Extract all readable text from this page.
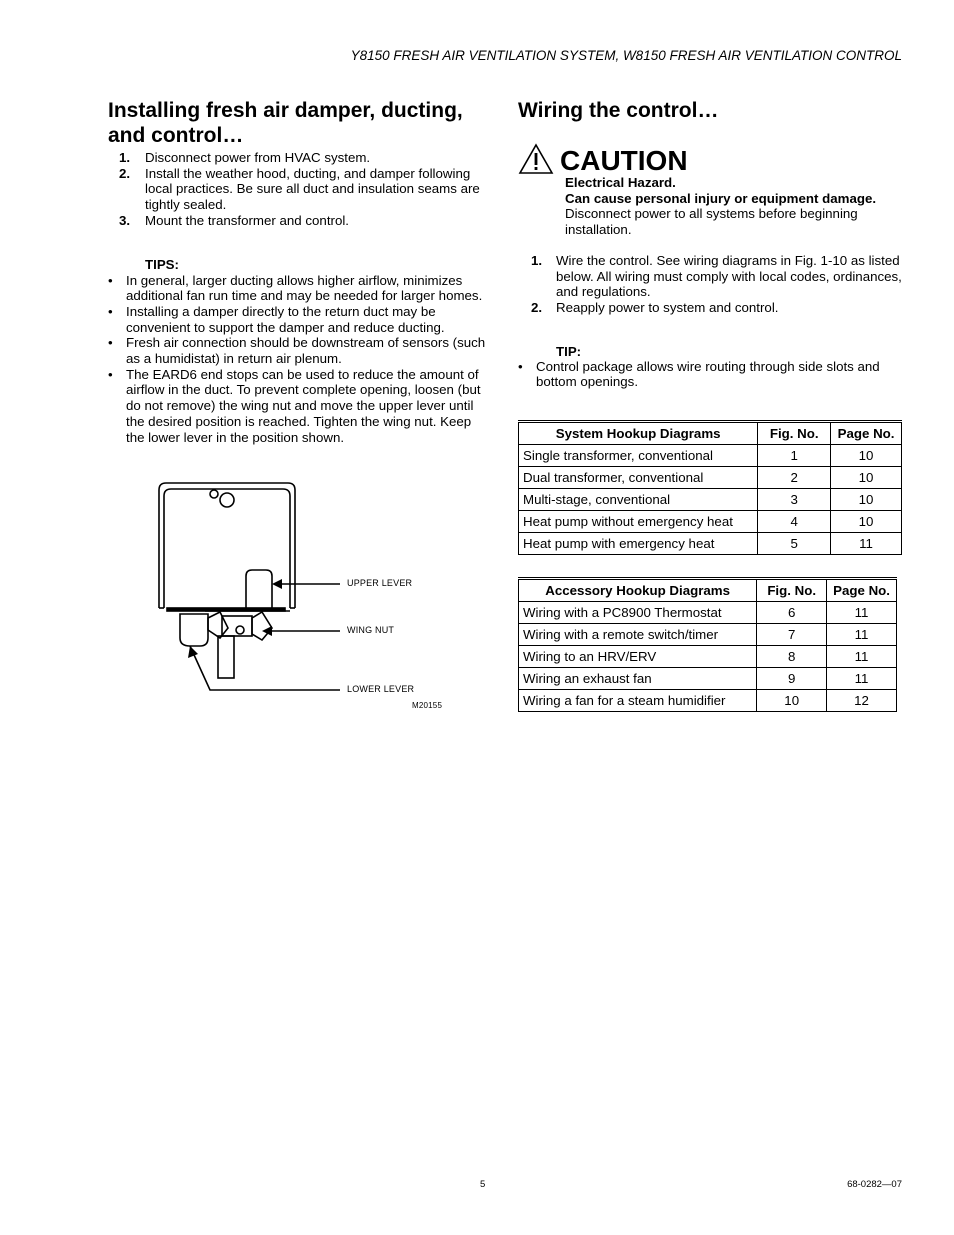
Y8150 FRESH AIR VENTILATION SYSTEM, W8150 FRESH AIR VENTILATION CONTROL
Installing fresh air damper, ducting, and control…
1. Disconnect power from HVAC system.
2. Install the weather hood, ducting, and damper following local practices. Be sure all duct and insulation seams are tightly sealed.
3. Mount the transformer and control.
TIPS:
• In general, larger ducting allows higher airflow, minimizes additional fan run time and may be needed for larger homes.
• Installing a damper directly to the return duct may be convenient to support the damper and reduce ducting.
• Fresh air connection should be downstream of sensors (such as a humidistat) in return air plenum.
• The EARD6 end stops can be used to reduce the amount of airflow in the duct. To prevent complete opening, loosen (but do not remove) the wing nut and move the upper lever until the desired position is reached. Tighten the wing nut. Keep the lower lever in the position shown.
UPPER LEVER
WING NUT
LOWER LEVER
M20155
Wiring the control…
CAUTION
Electrical Hazard.
Can cause personal injury or equipment damage.
Disconnect power to all systems before beginning installation.
1. Wire the control. See wiring diagrams in Fig. 1-10 as listed below. All wiring must comply with local codes, ordinances, and regulations.
2. Reapply power to system and control.
TIP:
• Control package allows wire routing through side slots and bottom openings.
System Hookup Diagrams	Fig. No.	Page No.
Single transformer, conventional	1	10
Dual transformer, conventional	2	10
Multi-stage, conventional	3	10
Heat pump without emergency heat	4	10
Heat pump with emergency heat	5	11
Accessory Hookup Diagrams	Fig. No.	Page No.
Wiring with a PC8900 Thermostat	6	11
Wiring with a remote switch/timer	7	11
Wiring to an HRV/ERV	8	11
Wiring an exhaust fan	9	11
Wiring a fan for a steam humidifier	10	12
5	68-0282—07
